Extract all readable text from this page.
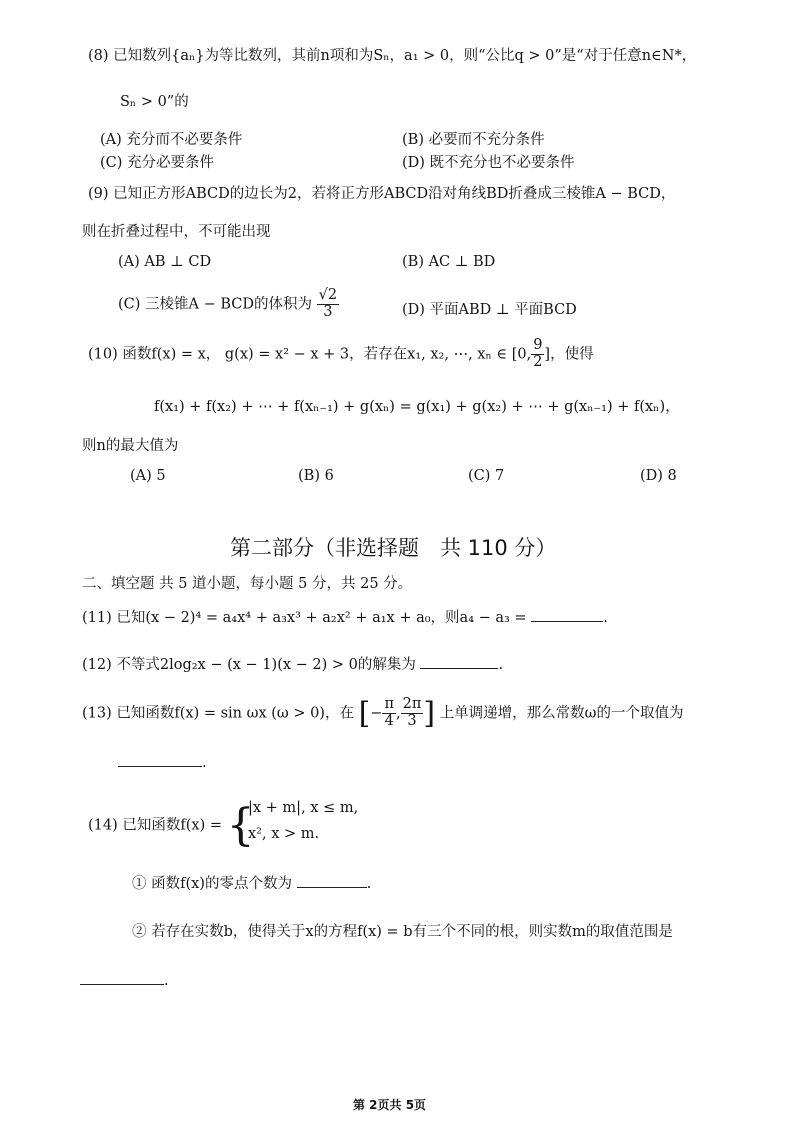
(8) 已知数列{aₙ}为等比数列，其前n项和为Sₙ，a₁ > 0，则“公比q > 0”是“对于任意n∈N*，
Sₙ > 0”的
(A) 充分而不必要条件	(B) 必要而不充分条件
(C) 充分必要条件	(D) 既不充分也不必要条件
(9) 已知正方形ABCD的边长为2，若将正方形ABCD沿对角线BD折叠成三棱锥A − BCD，
则在折叠过程中，不可能出现
(A) AB ⊥ CD	(B) AC ⊥ BD
(C) 三棱锥A − BCD的体积为 $\frac{√2}{3}$	(D) 平面ABD ⊥ 平面BCD
(10) 函数f(x) = x， g(x) = x² − x + 3，若存在x₁, x₂, ⋯, xₙ ∈ [0, $\frac{9}{2}$ ]，使得
f(x₁) + f(x₂) + ⋯ + f(xₙ₋₁) + g(xₙ) = g(x₁) + g(x₂) + ⋯ + g(xₙ₋₁) + f(xₙ)，
则n的最大值为
(A) 5	(B) 6	(C) 7	(D) 8
第二部分（非选择题　共 110 分）
二、填空题 共 5 道小题，每小题 5 分，共 25 分。
(11) 已知(x − 2)⁴ = a₄x⁴ + a₃x³ + a₂x² + a₁x + a₀，则a₄ − a₃ =	.
(12) 不等式2log₂x − (x − 1)(x − 2) > 0的解集为	.
(13) 已知函数f(x) = sin ωx (ω > 0)，在 [− $\frac{\pi}{4}$ , $\frac{2\pi}{3}$ ] 上单调递增，那么常数ω的一个取值为
.
(14) 已知函数f(x) = {
|x + m|, x ≤ m,
x², x > m.
① 函数f(x)的零点个数为	.
② 若存在实数b，使得关于x的方程f(x) = b有三个不同的根，则实数m的取值范围是
.
第 2页共 5页
